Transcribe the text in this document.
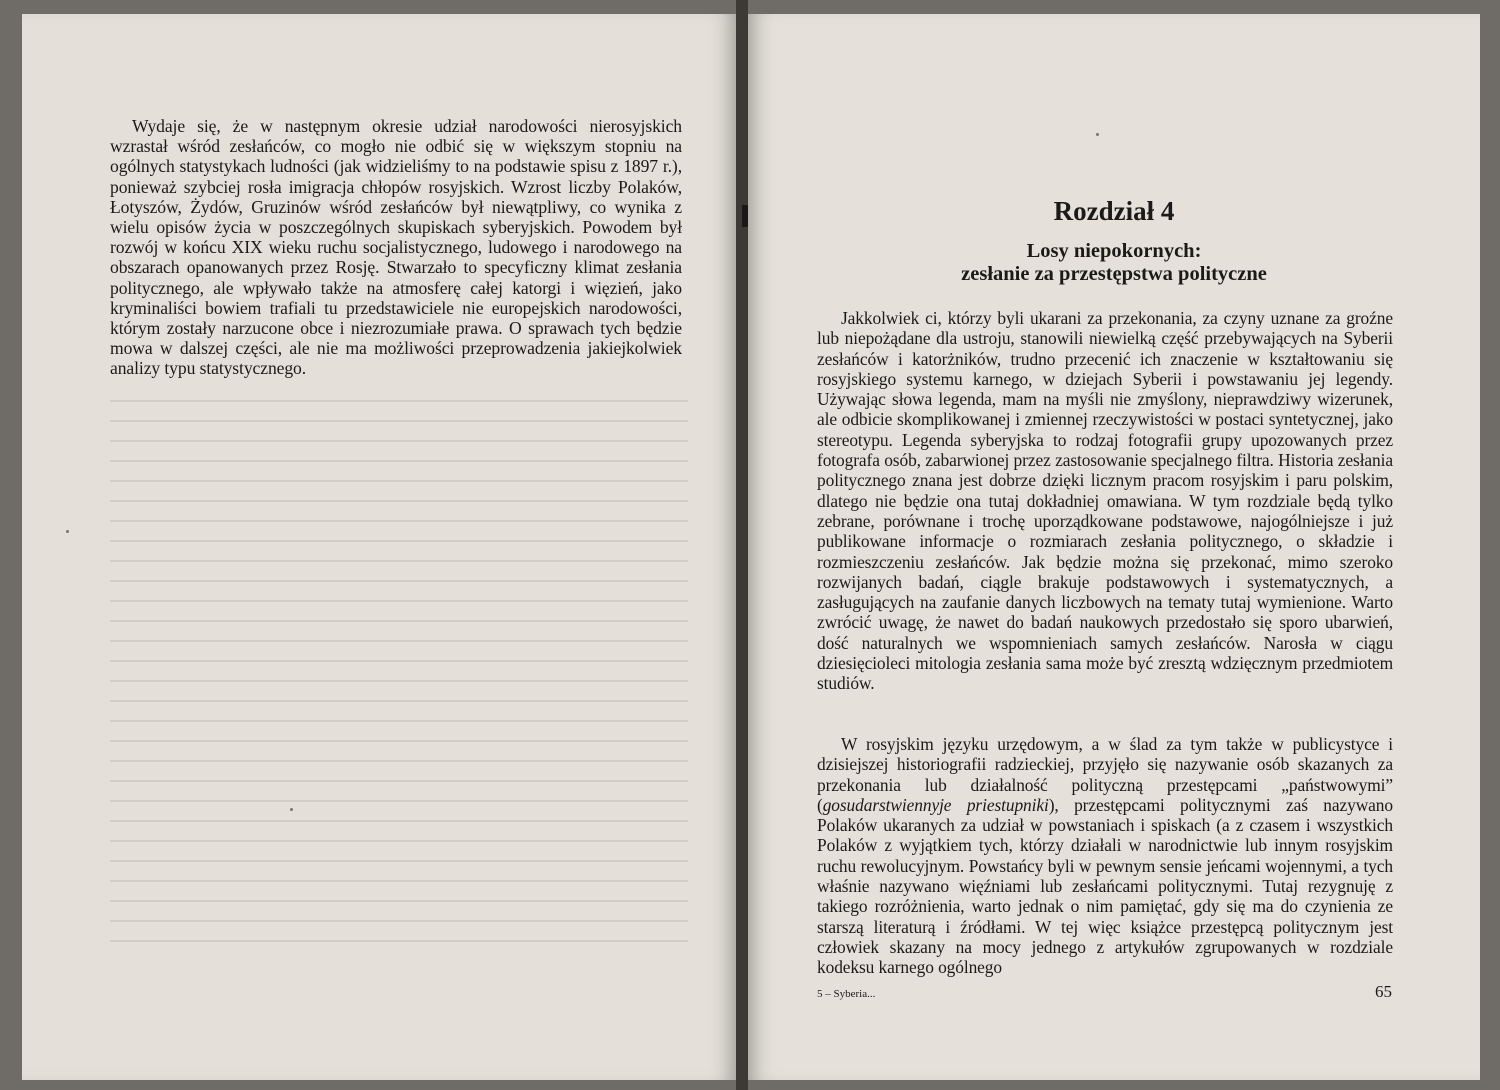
Wydaje się, że w następnym okresie udział narodowości nierosyjskich wzrastał wśród zesłańców, co mogło nie odbić się w większym stopniu na ogólnych statystykach ludności (jak widzieliśmy to na podstawie spisu z 1897 r.), ponieważ szybciej rosła imigracja chłopów rosyjskich. Wzrost liczby Polaków, Łotyszów, Żydów, Gruzinów wśród zesłańców był niewątpliwy, co wynika z wielu opisów życia w poszczególnych skupiskach syberyjskich. Powodem był rozwój w końcu XIX wieku ruchu socjalistycznego, ludowego i narodowego na obszarach opanowanych przez Rosję. Stwarzało to specyficzny klimat zesłania politycznego, ale wpływało także na atmosferę całej katorgi i więzień, jako kryminaliści bowiem trafiali tu przedstawiciele nie europejskich narodowości, którym zostały narzucone obce i niezrozumiałe prawa. O sprawach tych będzie mowa w dalszej części, ale nie ma możliwości przeprowadzenia jakiejkolwiek analizy typu statystycznego.

Rozdział 4
Losy niepokornych:
zesłanie za przestępstwa polityczne

Jakkolwiek ci, którzy byli ukarani za przekonania, za czyny uznane za groźne lub niepożądane dla ustroju, stanowili niewielką część przebywających na Syberii zesłańców i katorżników, trudno przecenić ich znaczenie w kształtowaniu się rosyjskiego systemu karnego, w dziejach Syberii i powstawaniu jej legendy. Używając słowa legenda, mam na myśli nie zmyślony, nieprawdziwy wizerunek, ale odbicie skomplikowanej i zmiennej rzeczywistości w postaci syntetycznej, jako stereotypu. Legenda syberyjska to rodzaj fotografii grupy upozowanych przez fotografa osób, zabarwionej przez zastosowanie specjalnego filtra. Historia zesłania politycznego znana jest dobrze dzięki licznym pracom rosyjskim i paru polskim, dlatego nie będzie ona tutaj dokładniej omawiana. W tym rozdziale będą tylko zebrane, porównane i trochę uporządkowane podstawowe, najogólniejsze i już publikowane informacje o rozmiarach zesłania politycznego, o składzie i rozmieszczeniu zesłańców. Jak będzie można się przekonać, mimo szeroko rozwijanych badań, ciągle brakuje podstawowych i systematycznych, a zasługujących na zaufanie danych liczbowych na tematy tutaj wymienione. Warto zwrócić uwagę, że nawet do badań naukowych przedostało się sporo ubarwień, dość naturalnych we wspomnieniach samych zesłańców. Narosła w ciągu dziesięcioleci mitologia zesłania sama może być zresztą wdzięcznym przedmiotem studiów.

W rosyjskim języku urzędowym, a w ślad za tym także w publicystyce i dzisiejszej historiografii radzieckiej, przyjęło się nazywanie osób skazanych za przekonania lub działalność polityczną przestępcami „państwowymi” (gosudarstwiennyje priestupniki), przestępcami politycznymi zaś nazywano Polaków ukaranych za udział w powstaniach i spiskach (a z czasem i wszystkich Polaków z wyjątkiem tych, którzy działali w narodnictwie lub innym rosyjskim ruchu rewolucyjnym. Powstańcy byli w pewnym sensie jeńcami wojennymi, a tych właśnie nazywano więźniami lub zesłańcami politycznymi. Tutaj rezygnuję z takiego rozróżnienia, warto jednak o nim pamiętać, gdy się ma do czynienia ze starszą literaturą i źródłami. W tej więc książce przestępcą politycznym jest człowiek skazany na mocy jednego z artykułów zgrupowanych w rozdziale kodeksu karnego ogólnego

5 – Syberia...	65
